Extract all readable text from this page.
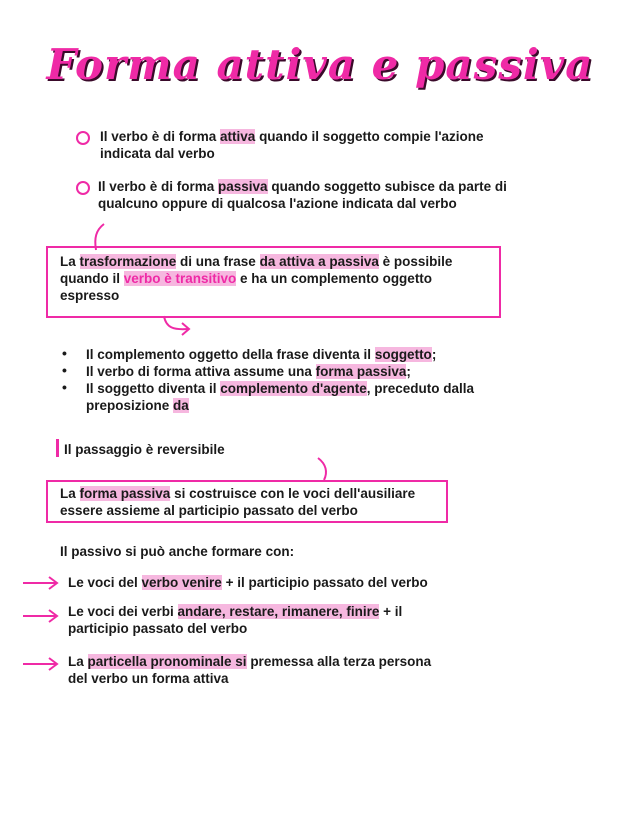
Forma attiva e passiva
Il verbo è di forma attiva quando il soggetto compie l'azione
indicata dal verbo
Il verbo è di forma passiva quando soggetto subisce da parte di
qualcuno oppure di qualcosa l'azione indicata dal verbo
La trasformazione di una frase da attiva a passiva è possibile
quando il verbo è transitivo e ha un complemento oggetto
espresso
• Il complemento oggetto della frase diventa il soggetto;
• Il verbo di forma attiva assume una forma passiva;
• Il soggetto diventa il complemento d'agente, preceduto dalla
preposizione da
Il passaggio è reversibile
La forma passiva si costruisce con le voci dell'ausiliare
essere assieme al participio passato del verbo
Il passivo si può anche formare con:
Le voci del verbo venire + il participio passato del verbo
Le voci dei verbi andare, restare, rimanere, finire + il
participio passato del verbo
La particella pronominale si premessa alla terza persona
del verbo un forma attiva
